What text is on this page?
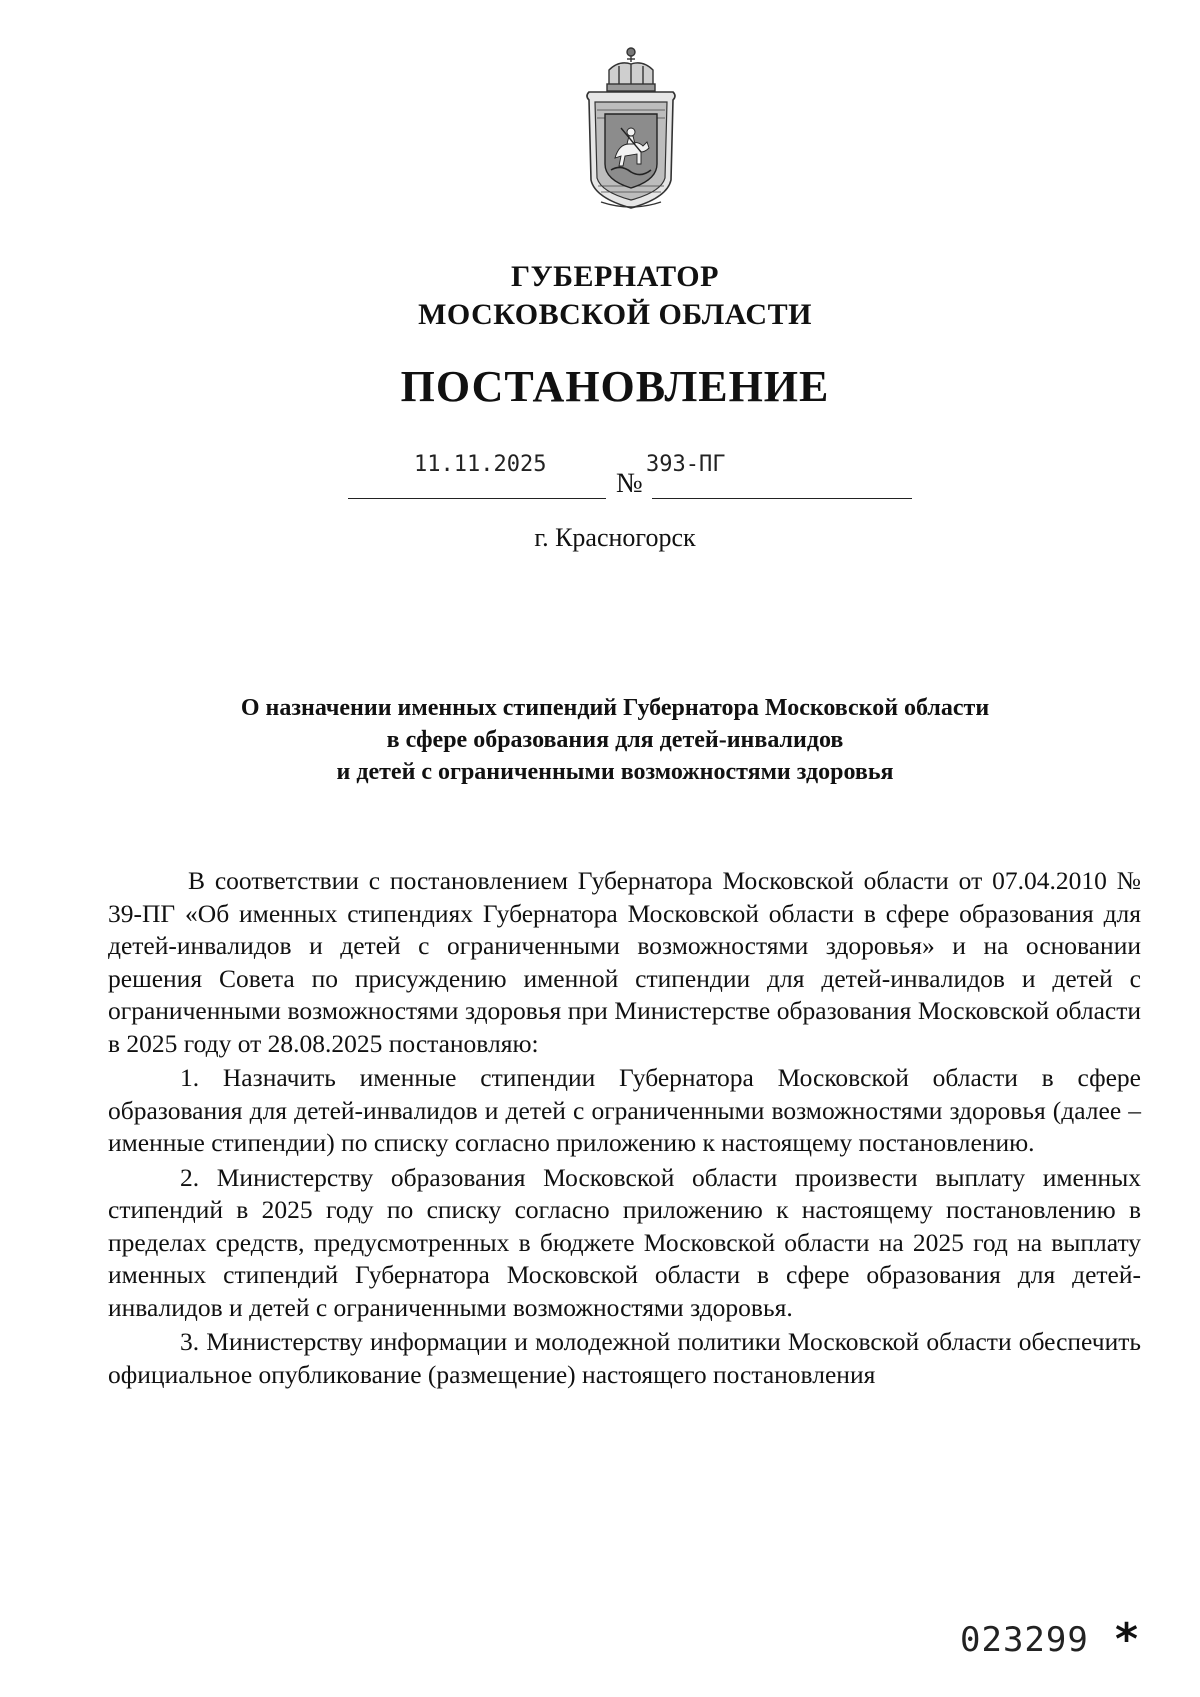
ГУБЕРНАТОР
МОСКОВСКОЙ ОБЛАСТИ
ПОСТАНОВЛЕНИЕ
11.11.2025
№
393-ПГ
г. Красногорск
О назначении именных стипендий Губернатора Московской области
в сфере образования для детей-инвалидов
и детей с ограниченными возможностями здоровья

В соответствии с постановлением Губернатора Московской области от 07.04.2010 № 39-ПГ «Об именных стипендиях Губернатора Московской области в сфере образования для детей-инвалидов и детей с ограниченными возможностями здоровья» и на основании решения Совета по присуждению именной стипендии для детей-инвалидов и детей с ограниченными возможностями здоровья при Министерстве образования Московской области в 2025 году от 28.08.2025 постановляю:

1. Назначить именные стипендии Губернатора Московской области в сфере образования для детей-инвалидов и детей с ограниченными возможностями здоровья (далее – именные стипендии) по списку согласно приложению к настоящему постановлению.

2. Министерству образования Московской области произвести выплату именных стипендий в 2025 году по списку согласно приложению к настоящему постановлению в пределах средств, предусмотренных в бюджете Московской области на 2025 год на выплату именных стипендий Губернатора Московской области в сфере образования для детей-инвалидов и детей с ограниченными возможностями здоровья.

3. Министерству информации и молодежной политики Московской области обеспечить официальное опубликование (размещение) настоящего постановления

023299 *
